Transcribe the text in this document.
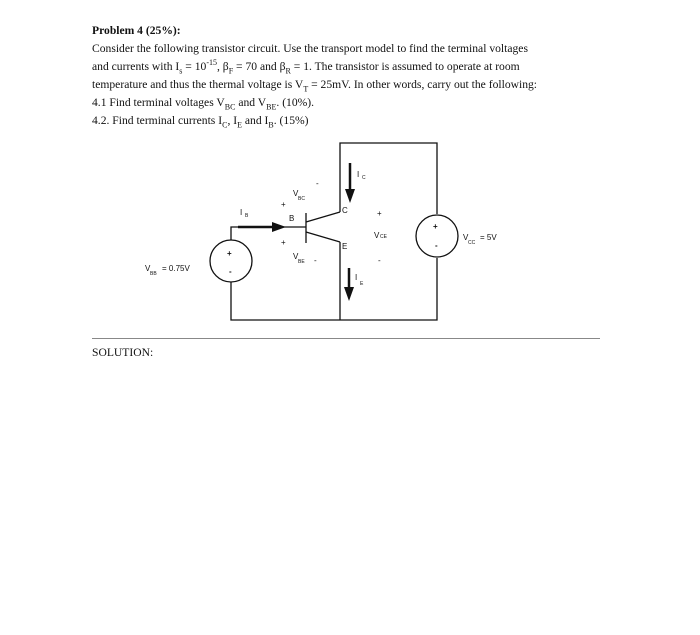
Problem 4 (25%):

Consider the following transistor circuit. Use the transport model to find the terminal voltages

and currents with $I_s = 10^{-15}$, $\beta_F = 70$ and $\beta_R = 1$. The transistor is assumed to operate at room

temperature and thus the thermal voltage is $V_T = 25mV$. In other words, carry out the following:

4.1 Find terminal voltages $V_{BC}$ and $V_{BE}$. (10%).

4.2. Find terminal currents $I_C$, $I_E$ and $I_B$. (15%)

+
-
+
-
V
BB
= 0.75V
V
CC
= 5V
I B
I C
I
E
B
C
E
V
BC
+
-
V
BE
+
-
V CE
+
-
SOLUTION:
